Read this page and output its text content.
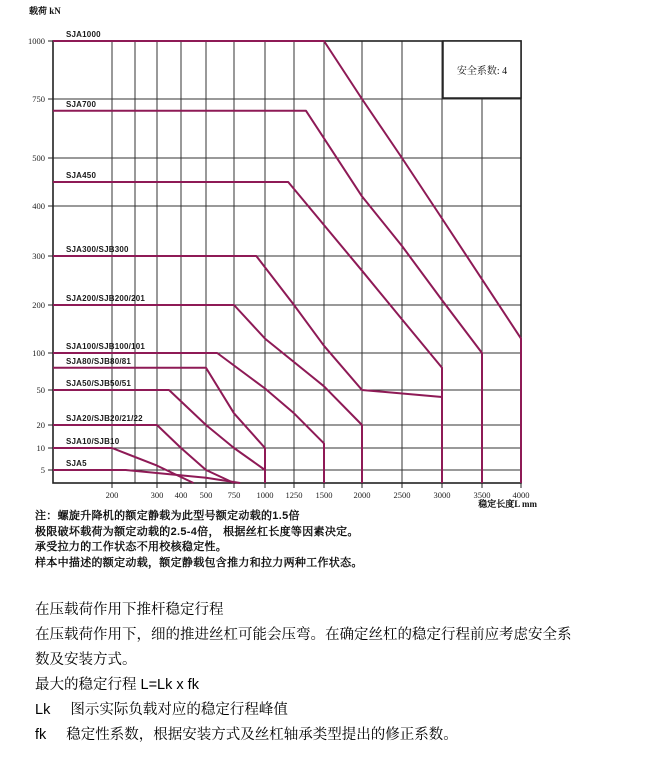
200	300 400 500 750 1000 1250 1500 2000	2500	3000	3500	4000
1000
750
500
400
300
200
100
50
20
10
5
安全系数: 4
SJA1000
SJA700
SJA450
SJA300/SJB300
SJA200/SJB200/201
SJA100/SJB100/101
SJA80/SJB80/81
SJA50/SJB50/51
SJA20/SJB20/21/22
SJA10/SJB10
SJA5
载荷 kN
稳定长度L mm

注：螺旋升降机的额定静载为此型号额定动载的1.5倍

极限破坏载荷为额定动载的2.5-4倍， 根据丝杠长度等因素决定。

承受拉力的工作状态不用校核稳定性。

样本中描述的额定动载，额定静载包含推力和拉力两种工作状态。

在压载荷作用下推杆稳定行程

在压载荷作用下，细的推进丝杠可能会压弯。在确定丝杠的稳定行程前应考虑安全系

数及安装方式。

最大的稳定行程 L=Lk x fk

Lk 图示实际负载对应的稳定行程峰值

fk 稳定性系数，根据安装方式及丝杠轴承类型提出的修正系数。
